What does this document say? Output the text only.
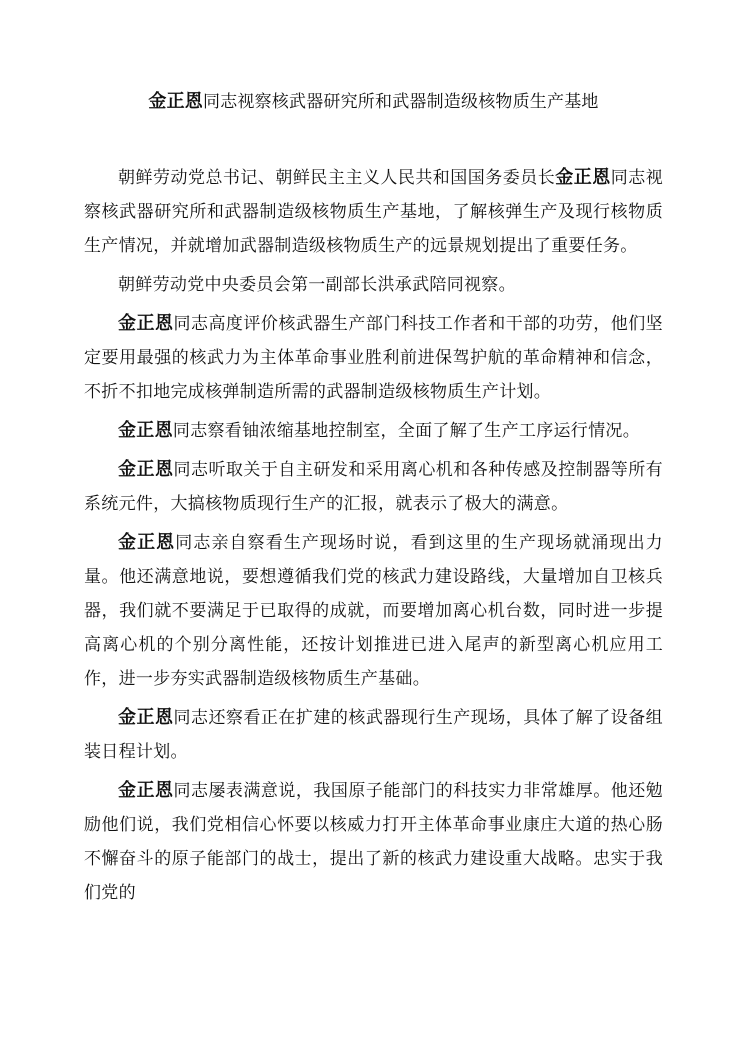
金正恩同志视察核武器研究所和武器制造级核物质生产基地

朝鲜劳动党总书记、朝鲜民主主义人民共和国国务委员长金正恩同志视察核武器研究所和武器制造级核物质生产基地，了解核弹生产及现行核物质生产情况，并就增加武器制造级核物质生产的远景规划提出了重要任务。

朝鲜劳动党中央委员会第一副部长洪承武陪同视察。

金正恩同志高度评价核武器生产部门科技工作者和干部的功劳，他们坚定要用最强的核武力为主体革命事业胜利前进保驾护航的革命精神和信念，不折不扣地完成核弹制造所需的武器制造级核物质生产计划。

金正恩同志察看铀浓缩基地控制室，全面了解了生产工序运行情况。

金正恩同志听取关于自主研发和采用离心机和各种传感及控制器等所有系统元件，大搞核物质现行生产的汇报，就表示了极大的满意。

金正恩同志亲自察看生产现场时说，看到这里的生产现场就涌现出力量。他还满意地说，要想遵循我们党的核武力建设路线，大量增加自卫核兵器，我们就不要满足于已取得的成就，而要增加离心机台数，同时进一步提高离心机的个别分离性能，还按计划推进已进入尾声的新型离心机应用工作，进一步夯实武器制造级核物质生产基础。

金正恩同志还察看正在扩建的核武器现行生产现场，具体了解了设备组装日程计划。

金正恩同志屡表满意说，我国原子能部门的科技实力非常雄厚。他还勉励他们说，我们党相信心怀要以核威力打开主体革命事业康庄大道的热心肠不懈奋斗的原子能部门的战士，提出了新的核武力建设重大战略。忠实于我们党的
